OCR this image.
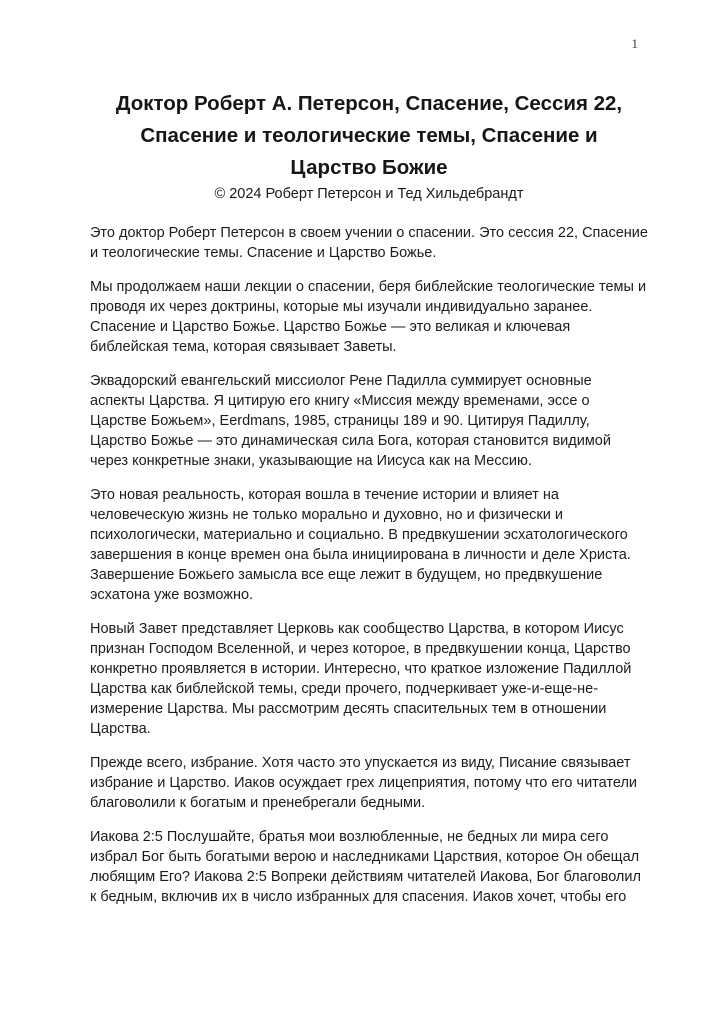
1
Доктор Роберт А. Петерсон, Спасение, Сессия 22,
Спасение и теологические темы, Спасение и
Царство Божие
© 2024 Роберт Петерсон и Тед Хильдебрандт

Это доктор Роберт Петерсон в своем учении о спасении. Это сессия 22, Спасение и теологические темы. Спасение и Царство Божье.

Мы продолжаем наши лекции о спасении, беря библейские теологические темы и проводя их через доктрины, которые мы изучали индивидуально заранее. Спасение и Царство Божье. Царство Божье — это великая и ключевая библейская тема, которая связывает Заветы.

Эквадорский евангельский миссиолог Рене Падилла суммирует основные аспекты Царства. Я цитирую его книгу «Миссия между временами, эссе о Царстве Божьем», Eerdmans, 1985, страницы 189 и 90. Цитируя Падиллу, Царство Божье — это динамическая сила Бога, которая становится видимой через конкретные знаки, указывающие на Иисуса как на Мессию.

Это новая реальность, которая вошла в течение истории и влияет на человеческую жизнь не только морально и духовно, но и физически и психологически, материально и социально. В предвкушении эсхатологического завершения в конце времен она была инициирована в личности и деле Христа. Завершение Божьего замысла все еще лежит в будущем, но предвкушение эсхатона уже возможно.

Новый Завет представляет Церковь как сообщество Царства, в котором Иисус признан Господом Вселенной, и через которое, в предвкушении конца, Царство конкретно проявляется в истории. Интересно, что краткое изложение Падиллой Царства как библейской темы, среди прочего, подчеркивает уже-и-еще-не-измерение Царства. Мы рассмотрим десять спасительных тем в отношении Царства.

Прежде всего, избрание. Хотя часто это упускается из виду, Писание связывает избрание и Царство. Иаков осуждает грех лицеприятия, потому что его читатели благоволили к богатым и пренебрегали бедными.

Иакова 2:5 Послушайте, братья мои возлюбленные, не бедных ли мира сего избрал Бог быть богатыми верою и наследниками Царствия, которое Он обещал любящим Его? Иакова 2:5 Вопреки действиям читателей Иакова, Бог благоволил к бедным, включив их в число избранных для спасения. Иаков хочет, чтобы его
